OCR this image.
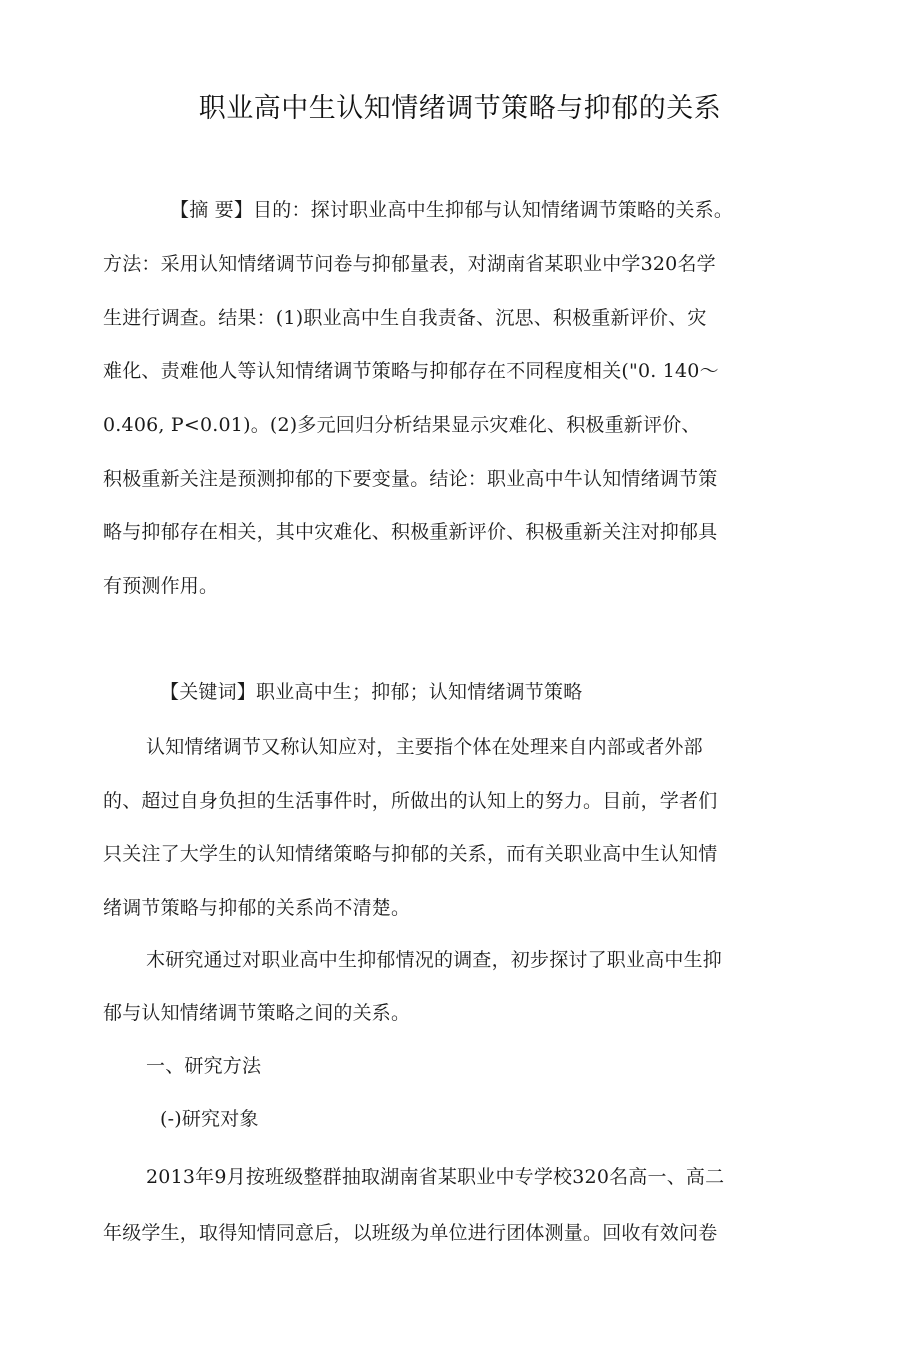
职业高中生认知情绪调节策略与抑郁的关系
【摘 要】目的：探讨职业高中生抑郁与认知情绪调节策略的关系。
方法：采用认知情绪调节问卷与抑郁量表，对湖南省某职业中学320名学
生进行调查。结果：(1)职业高中生自我责备、沉思、积极重新评价、灾
难化、责难他人等认知情绪调节策略与抑郁存在不同程度相关("0. 140～
0.406, P<0.01)。(2)多元回归分析结果显示灾难化、积极重新评价、
积极重新关注是预测抑郁的下要变量。结论：职业高中牛认知情绪调节策
略与抑郁存在相关，其中灾难化、积极重新评价、积极重新关注对抑郁具
有预测作用。
【关键词】职业高中生；抑郁；认知情绪调节策略
认知情绪调节又称认知应对，主要指个体在处理来自内部或者外部
的、超过自身负担的生活事件时，所做出的认知上的努力。目前，学者们
只关注了大学生的认知情绪策略与抑郁的关系，而有关职业高中生认知情
绪调节策略与抑郁的关系尚不清楚。
木研究通过对职业高中生抑郁情况的调查，初步探讨了职业高中生抑
郁与认知情绪调节策略之间的关系。
一、研究方法
(-)研究对象
2013年9月按班级整群抽取湖南省某职业中专学校320名高一、高二
年级学生，取得知情同意后，以班级为单位进行团体测量。回收有效问卷
